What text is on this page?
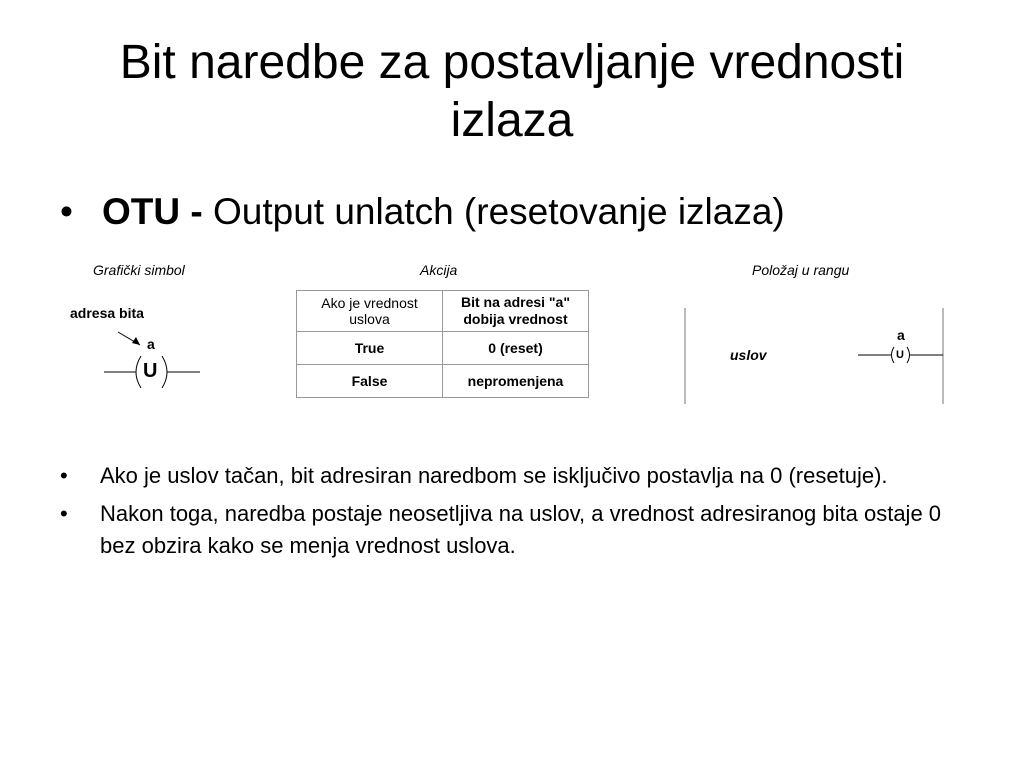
Bit naredbe za postavljanje vrednosti izlaza
• OTU - Output unlatch (resetovanje izlaza)
Grafički simbol	Akcija	Položaj u rangu
adresa bita
a
U
Ako je vrednost uslova	Bit na adresi "a" dobija vrednost
True	0 (reset)
False	nepromenjena
uslov
a
U
• Ako je uslov tačan, bit adresiran naredbom se isključivo postavlja na 0 (resetuje).
• Nakon toga, naredba postaje neosetljiva na uslov, a vrednost adresiranog bita ostaje 0 bez obzira kako se menja vrednost uslova.
